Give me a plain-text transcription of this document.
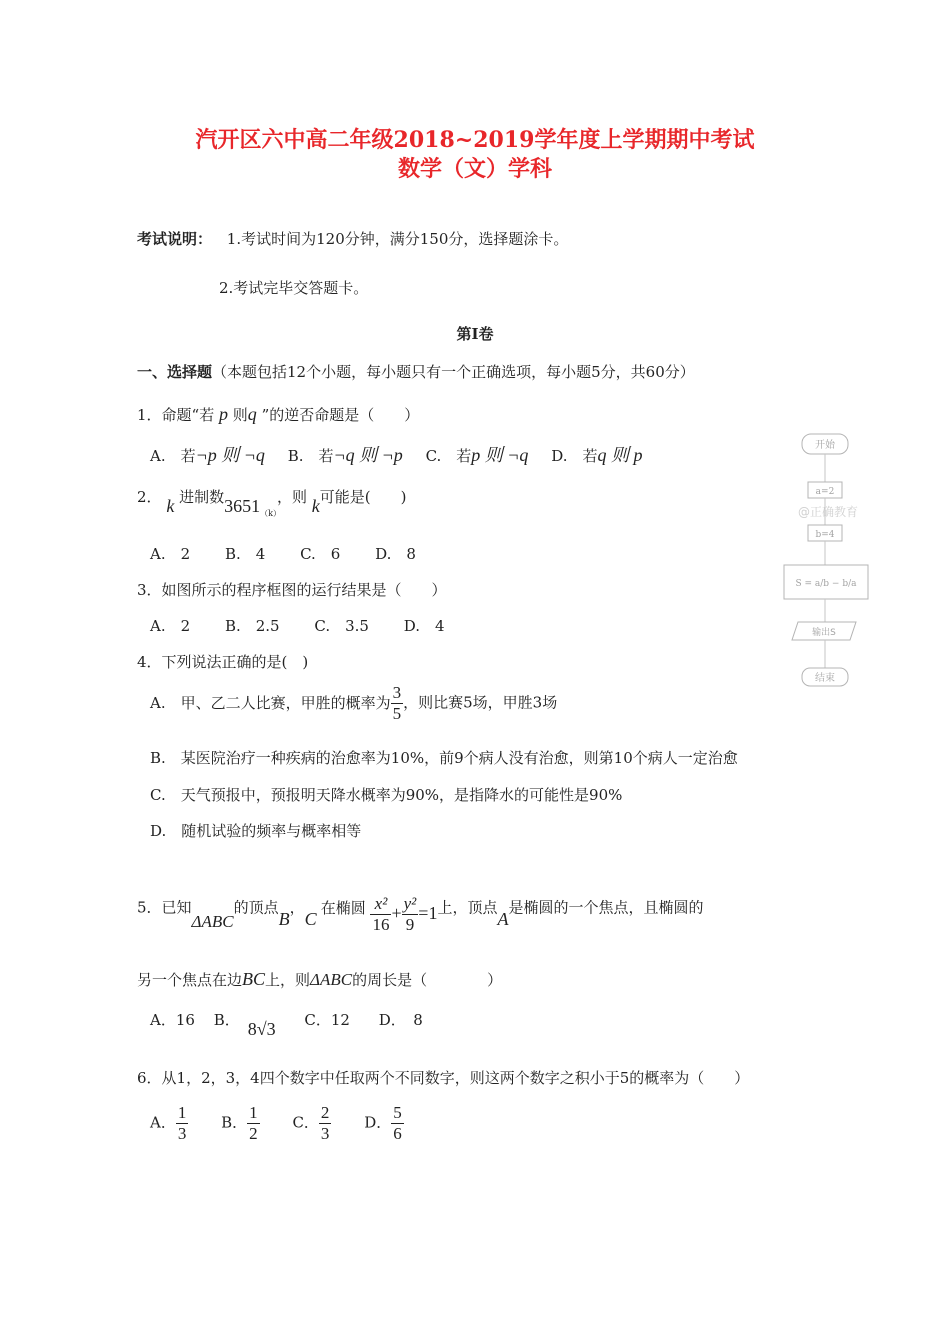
汽开区六中高二年级2018~2019学年度上学期期中考试
数学（文）学科
考试说明： 1.考试时间为120分钟，满分150分，选择题涂卡。
2.考试完毕交答题卡。
第Ⅰ卷
一、选择题（本题包括12个小题，每小题只有一个正确选项，每小题5分，共60分）
1．命题“若 p 则q ”的逆否命题是（　　）
A.　若¬p 则 ¬q B.　若¬q 则 ¬p C.　若p 则 ¬q D.　若q 则 p
2． k 进制数$3651_{(k)}$，则 k可能是(　　)
A.　2 B.　4 C.　6 D.　8
3．如图所示的程序框图的运行结果是（　　）
A.　2 B.　2.5 C.　3.5 D.　4
开始
a=2
@正确教育
b=4
S = a/b − b/a
输出S
结束
4．下列说法正确的是(　)
A.　甲、乙二人比赛，甲胜的概率为 $\frac{3}{5}$ ，则比赛5场，甲胜3场
B.　某医院治疗一种疾病的治愈率为10%，前9个病人没有治愈，则第10个病人一定治愈
C.　天气预报中，预报明天降水概率为90%，是指降水的可能性是90%
D.　随机试验的频率与概率相等
5．已知ΔABC的顶点B，C在椭圆 $\frac{\text{x²}}{16} + \frac{\text{y²}}{9} =1$上，顶点A是椭圆的一个焦点，且椭圆的
另一个焦点在边BC上，则ΔABC的周长是（　　　　）
A．16 B． 8√3 C．12 D．　8
6．从1，2，3，4四个数字中任取两个不同数字，则这两个数字之积小于5的概率为（　　）
A． $\frac{1}{3}$ B． $\frac{1}{2}$ C． $\frac{2}{3}$ D． $\frac{5}{6}$
